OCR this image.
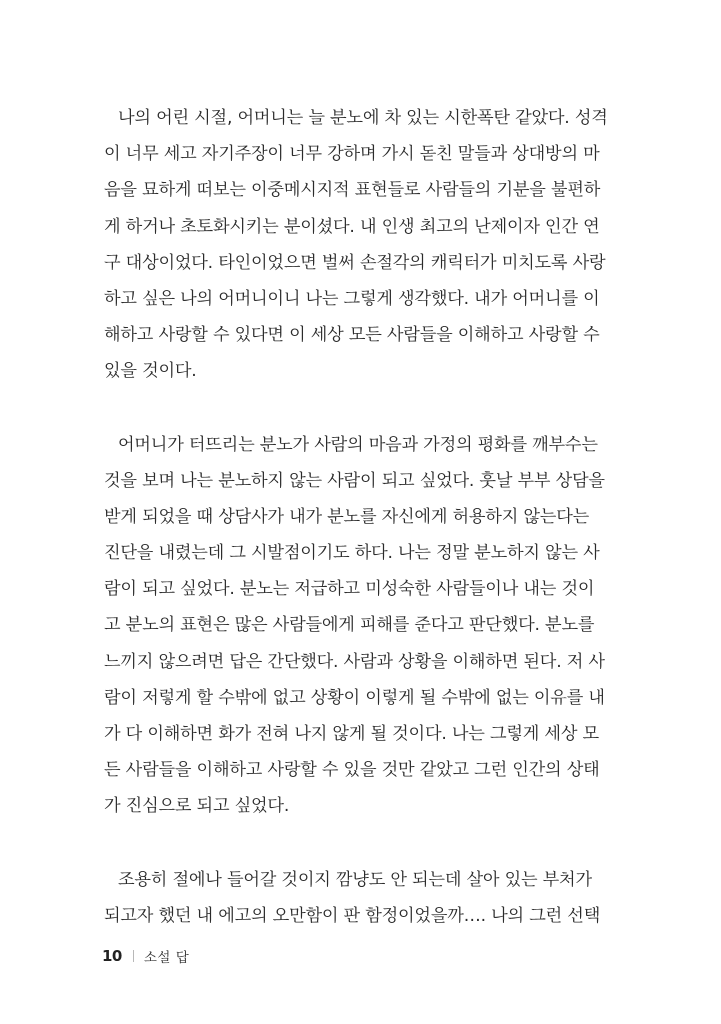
나의 어린 시절, 어머니는 늘 분노에 차 있는 시한폭탄 같았다. 성격
이 너무 세고 자기주장이 너무 강하며 가시 돋친 말들과 상대방의 마
음을 묘하게 떠보는 이중메시지적 표현들로 사람들의 기분을 불편하
게 하거나 초토화시키는 분이셨다. 내 인생 최고의 난제이자 인간 연
구 대상이었다. 타인이었으면 벌써 손절각의 캐릭터가 미치도록 사랑
하고 싶은 나의 어머니이니 나는 그렇게 생각했다. 내가 어머니를 이
해하고 사랑할 수 있다면 이 세상 모든 사람들을 이해하고 사랑할 수
있을 것이다.
어머니가 터뜨리는 분노가 사람의 마음과 가정의 평화를 깨부수는
것을 보며 나는 분노하지 않는 사람이 되고 싶었다. 훗날 부부 상담을
받게 되었을 때 상담사가 내가 분노를 자신에게 허용하지 않는다는
진단을 내렸는데 그 시발점이기도 하다. 나는 정말 분노하지 않는 사
람이 되고 싶었다. 분노는 저급하고 미성숙한 사람들이나 내는 것이
고 분노의 표현은 많은 사람들에게 피해를 준다고 판단했다. 분노를
느끼지 않으려면 답은 간단했다. 사람과 상황을 이해하면 된다. 저 사
람이 저렇게 할 수밖에 없고 상황이 이렇게 될 수밖에 없는 이유를 내
가 다 이해하면 화가 전혀 나지 않게 될 것이다. 나는 그렇게 세상 모
든 사람들을 이해하고 사랑할 수 있을 것만 같았고 그런 인간의 상태
가 진심으로 되고 싶었다.
조용히 절에나 들어갈 것이지 깜냥도 안 되는데 살아 있는 부처가
되고자 했던 내 에고의 오만함이 판 함정이었을까…. 나의 그런 선택
10 소설 답
